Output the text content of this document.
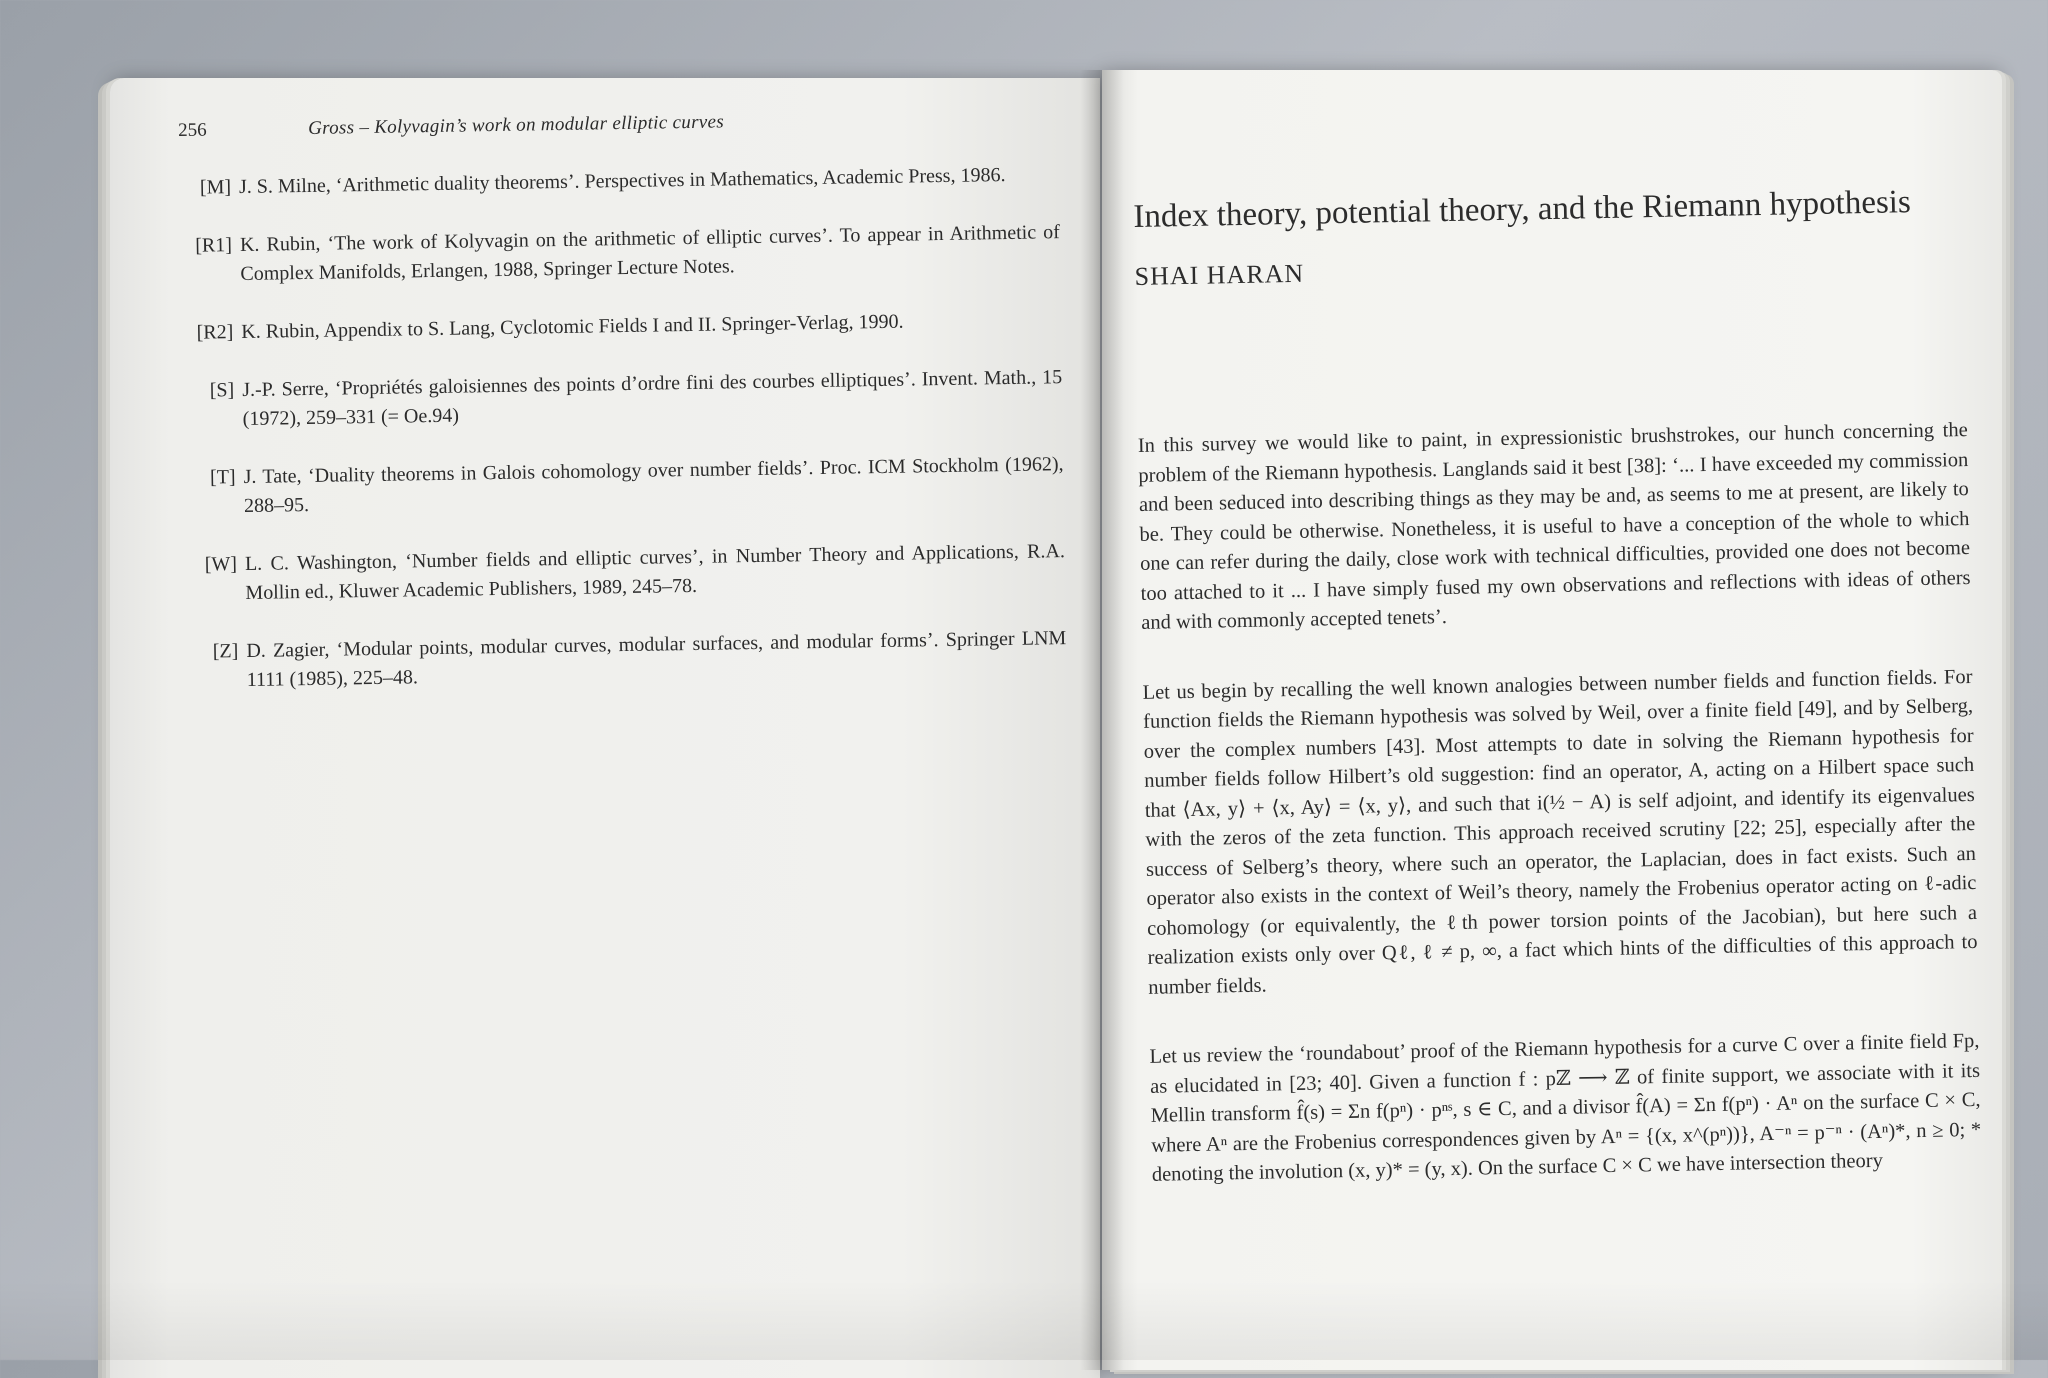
256	Gross – Kolyvagin’s work on modular elliptic curves
[M] J. S. Milne, ‘Arithmetic duality theorems’. Perspectives in Mathematics, Academic Press, 1986.
[R1] K. Rubin, ‘The work of Kolyvagin on the arithmetic of elliptic curves’. To appear in Arithmetic of Complex Manifolds, Erlangen, 1988, Springer Lecture Notes.
[R2] K. Rubin, Appendix to S. Lang, Cyclotomic Fields I and II. Springer-Verlag, 1990.
[S] J.-P. Serre, ‘Propriétés galoisiennes des points d’ordre fini des courbes elliptiques’. Invent. Math., 15 (1972), 259–331 (= Oe.94)
[T] J. Tate, ‘Duality theorems in Galois cohomology over number fields’. Proc. ICM Stockholm (1962), 288–95.
[W] L. C. Washington, ‘Number fields and elliptic curves’, in Number Theory and Applications, R.A. Mollin ed., Kluwer Academic Publishers, 1989, 245–78.
[Z] D. Zagier, ‘Modular points, modular curves, modular surfaces, and modular forms’. Springer LNM 1111 (1985), 225–48.
Index theory, potential theory, and the Riemann hypothesis
SHAI HARAN

In this survey we would like to paint, in expressionistic brushstrokes, our hunch concerning the problem of the Riemann hypothesis. Langlands said it best [38]: ‘... I have exceeded my commission and been seduced into describing things as they may be and, as seems to me at present, are likely to be. They could be otherwise. Nonetheless, it is useful to have a conception of the whole to which one can refer during the daily, close work with technical difficulties, provided one does not become too attached to it ... I have simply fused my own observations and reflections with ideas of others and with commonly accepted tenets’.

Let us begin by recalling the well known analogies between number fields and function fields. For function fields the Riemann hypothesis was solved by Weil, over a finite field [49], and by Selberg, over the complex numbers [43]. Most attempts to date in solving the Riemann hypothesis for number fields follow Hilbert’s old suggestion: find an operator, A, acting on a Hilbert space such that ⟨Ax, y⟩ + ⟨x, Ay⟩ = ⟨x, y⟩, and such that i(½ − A) is self adjoint, and identify its eigenvalues with the zeros of the zeta function. This approach received scrutiny [22; 25], especially after the success of Selberg’s theory, where such an operator, the Laplacian, does in fact exists. Such an operator also exists in the context of Weil’s theory, namely the Frobenius operator acting on ℓ-adic cohomology (or equivalently, the ℓth power torsion points of the Jacobian), but here such a realization exists only over Qℓ, ℓ ≠ p, ∞, a fact which hints of the difficulties of this approach to number fields.

Let us review the ‘roundabout’ proof of the Riemann hypothesis for a curve C over a finite field Fp, as elucidated in [23; 40]. Given a function f : pℤ ⟶ ℤ of finite support, we associate with it its Mellin transform f̂(s) = Σn f(pⁿ) · pⁿˢ, s ∈ C, and a divisor f̂(A) = Σn f(pⁿ) · Aⁿ on the surface C × C, where Aⁿ are the Frobenius correspondences given by Aⁿ = {(x, x^(pⁿ))}, A⁻ⁿ = p⁻ⁿ · (Aⁿ)*, n ≥ 0; * denoting the involution (x, y)* = (y, x). On the surface C × C we have intersection theory
